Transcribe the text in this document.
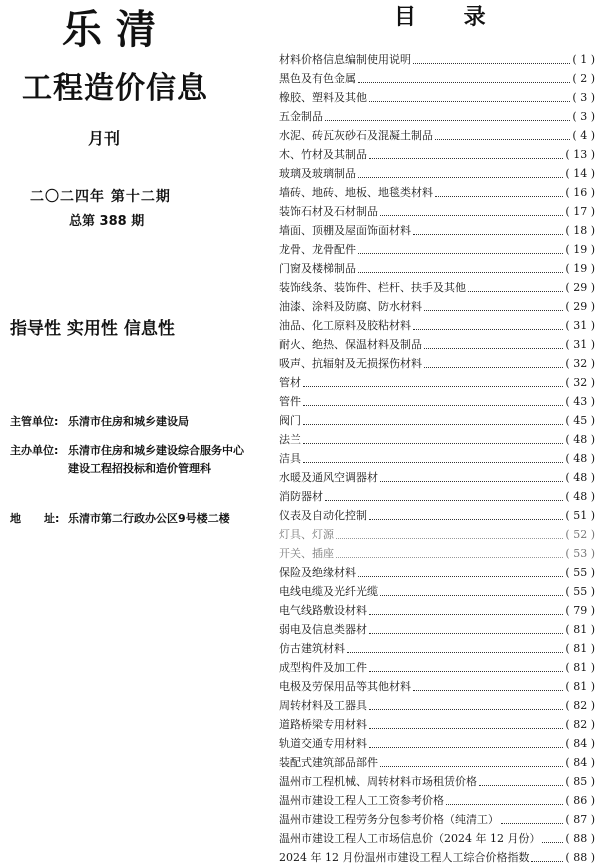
乐清
工程造价信息
月刊
二〇二四年 第十二期
总第 388 期
指导性 实用性 信息性
主管单位: 乐清市住房和城乡建设局
主办单位: 乐清市住房和城乡建设综合服务中心
建设工程招投标和造价管理科
地      址: 乐清市第二行政办公区9号楼二楼
目 录
材料价格信息编制使用说明	( 1 )
黑色及有色金属	( 2 )
橡胶、塑料及其他	( 3 )
五金制品	( 3 )
水泥、砖瓦灰砂石及混凝土制品	( 4 )
木、竹材及其制品	( 13 )
玻璃及玻璃制品	( 14 )
墙砖、地砖、地板、地毯类材料	( 16 )
装饰石材及石材制品	( 17 )
墙面、顶棚及屋面饰面材料	( 18 )
龙骨、龙骨配件	( 19 )
门窗及楼梯制品	( 19 )
装饰线条、装饰件、栏杆、扶手及其他	( 29 )
油漆、涂料及防腐、防水材料	( 29 )
油品、化工原料及胶粘材料	( 31 )
耐火、绝热、保温材料及制品	( 31 )
吸声、抗辐射及无损探伤材料	( 32 )
管材	( 32 )
管件	( 43 )
阀门	( 45 )
法兰	( 48 )
洁具	( 48 )
水暖及通风空调器材	( 48 )
消防器材	( 48 )
仪表及自动化控制	( 51 )
灯具、灯源	( 52 )
开关、插座	( 53 )
保险及绝缘材料	( 55 )
电线电缆及光纤光缆	( 55 )
电气线路敷设材料	( 79 )
弱电及信息类器材	( 81 )
仿古建筑材料	( 81 )
成型构件及加工件	( 81 )
电极及劳保用品等其他材料	( 81 )
周转材料及工器具	( 82 )
道路桥梁专用材料	( 82 )
轨道交通专用材料	( 84 )
装配式建筑部品部件	( 84 )
温州市工程机械、周转材料市场租赁价格	( 85 )
温州市建设工程人工工资参考价格	( 86 )
温州市建设工程劳务分包参考价格（纯清工）	( 87 )
温州市建设工程人工市场信息价（2024 年 12 月份） ( 88 )
2024 年 12 月份温州市建设工程人工综合价格指数	( 88 )
